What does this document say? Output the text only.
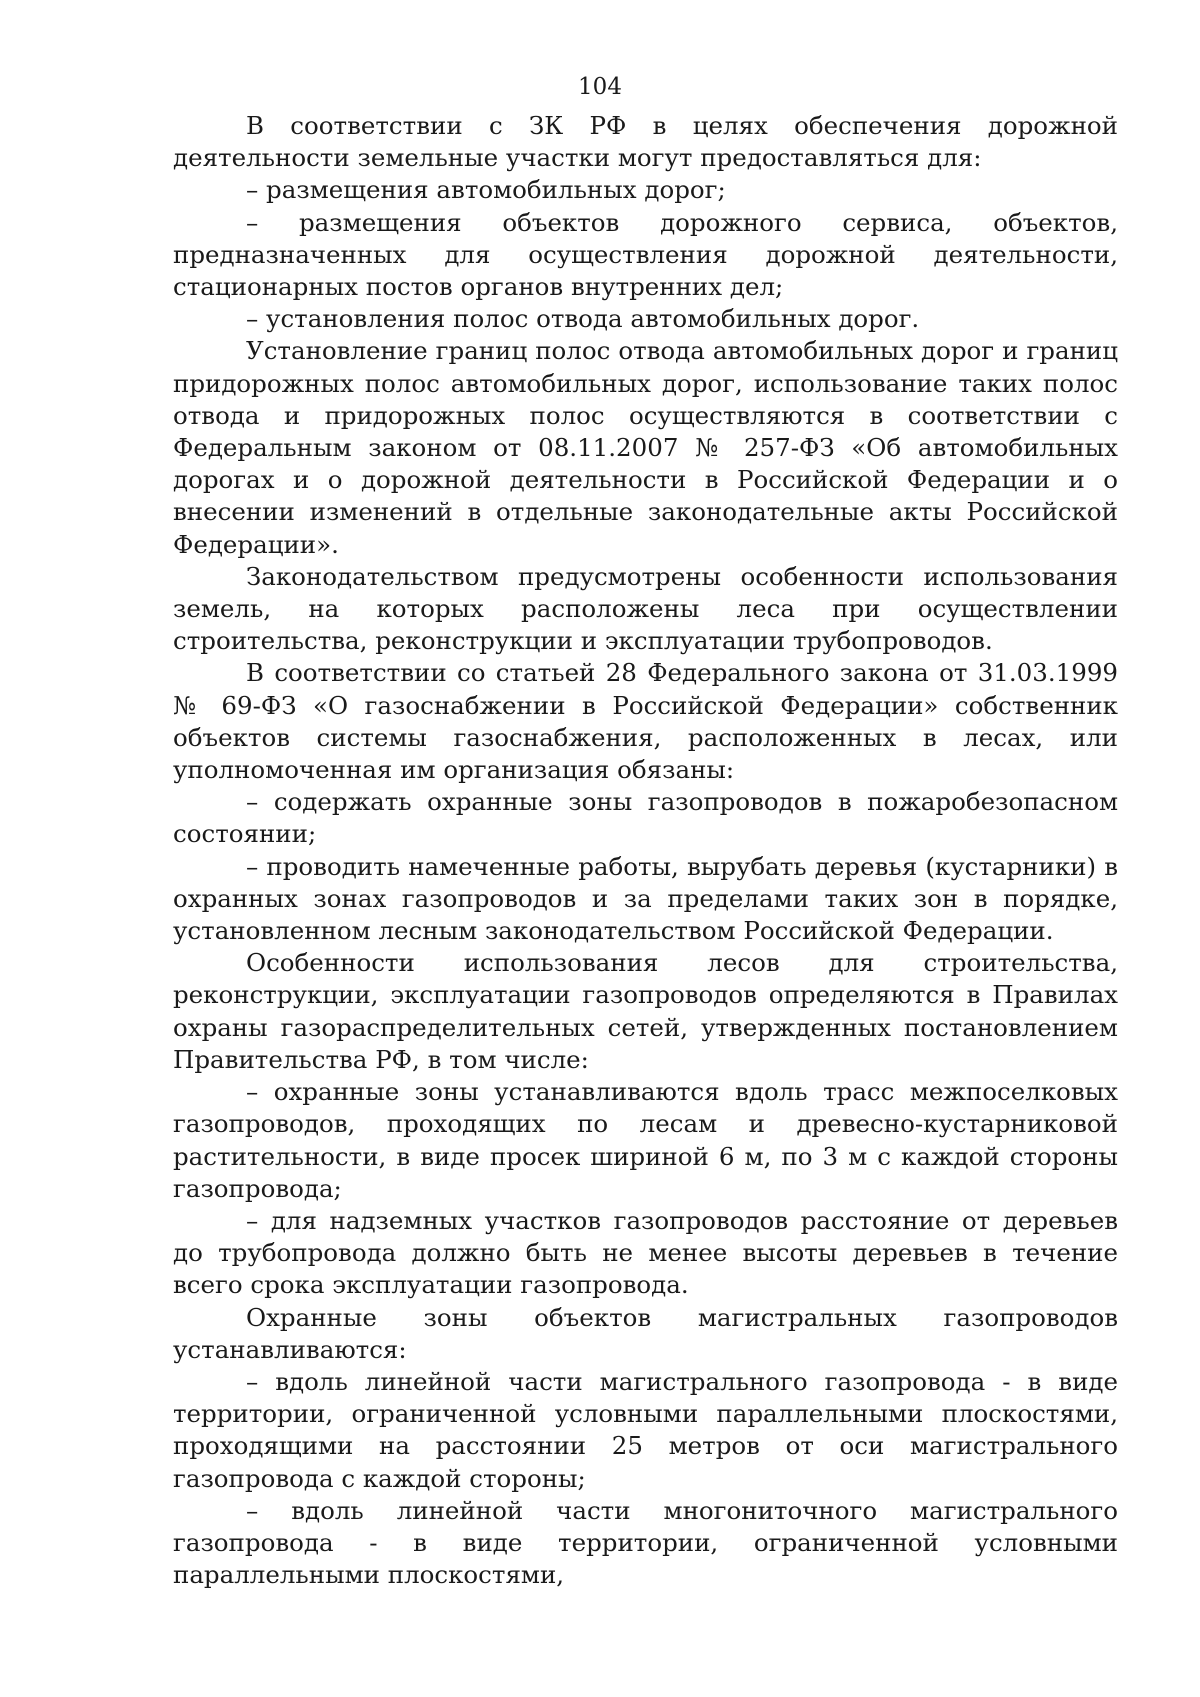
104

В соответствии с ЗК РФ в целях обеспечения дорожной деятельности земельные участки могут предоставляться для:

– размещения автомобильных дорог;

– размещения объектов дорожного сервиса, объектов, предназначенных для осуществления дорожной деятельности, стационарных постов органов внутренних дел;

– установления полос отвода автомобильных дорог.

Установление границ полос отвода автомобильных дорог и границ придорожных полос автомобильных дорог, использование таких полос отвода и придорожных полос осуществляются в соответствии с Федеральным законом от 08.11.2007 № 257-ФЗ «Об автомобильных дорогах и о дорожной деятельности в Российской Федерации и о внесении изменений в отдельные законодательные акты Российской Федерации».

Законодательством предусмотрены особенности использования земель, на которых расположены леса при осуществлении строительства, реконструкции и эксплуатации трубопроводов.

В соответствии со статьей 28 Федерального закона от 31.03.1999 № 69-ФЗ «О газоснабжении в Российской Федерации» собственник объектов системы газоснабжения, расположенных в лесах, или уполномоченная им организация обязаны:

– содержать охранные зоны газопроводов в пожаробезопасном состоянии;

– проводить намеченные работы, вырубать деревья (кустарники) в охранных зонах газопроводов и за пределами таких зон в порядке, установленном лесным законодательством Российской Федерации.

Особенности использования лесов для строительства, реконструкции, эксплуатации газопроводов определяются в Правилах охраны газораспределительных сетей, утвержденных постановлением Правительства РФ, в том числе:

– охранные зоны устанавливаются вдоль трасс межпоселковых газопроводов, проходящих по лесам и древесно-кустарниковой растительности, в виде просек шириной 6 м, по 3 м с каждой стороны газопровода;

– для надземных участков газопроводов расстояние от деревьев до трубопровода должно быть не менее высоты деревьев в течение всего срока эксплуатации газопровода.

Охранные зоны объектов магистральных газопроводов устанавливаются:

– вдоль линейной части магистрального газопровода - в виде территории, ограниченной условными параллельными плоскостями, проходящими на расстоянии 25 метров от оси магистрального газопровода с каждой стороны;

– вдоль линейной части многониточного магистрального газопровода - в виде территории, ограниченной условными параллельными плоскостями,
